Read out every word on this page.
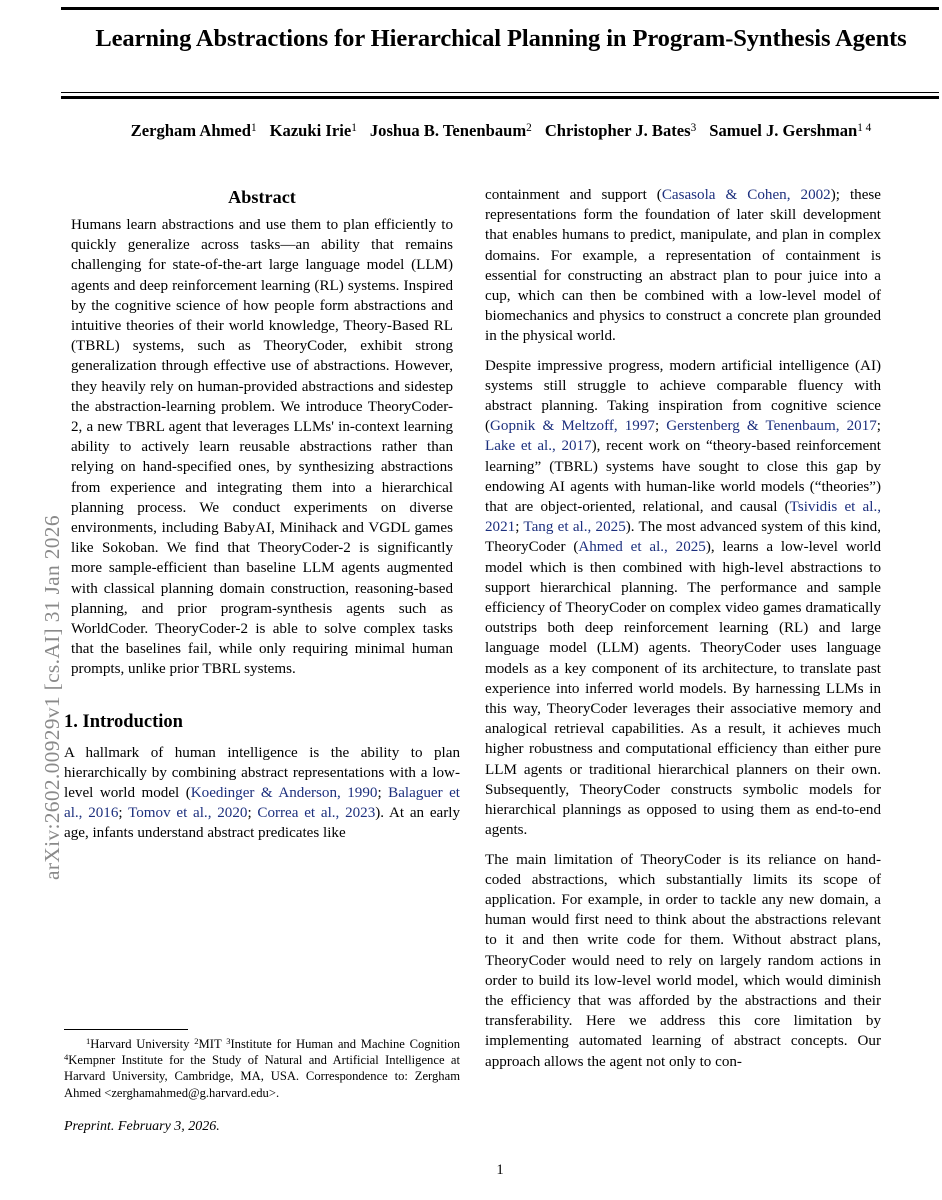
arXiv:2602.00929v1 [cs.AI] 31 Jan 2026
Learning Abstractions for Hierarchical Planning in Program-Synthesis Agents
Zergham Ahmed$^1$ Kazuki Irie$^1$ Joshua B. Tenenbaum$^2$ Christopher J. Bates$^3$ Samuel J. Gershman$^{1 4}$
Abstract

Humans learn abstractions and use them to plan efficiently to quickly generalize across tasks—an ability that remains challenging for state-of-the-art large language model (LLM) agents and deep reinforcement learning (RL) systems. Inspired by the cognitive science of how people form abstractions and intuitive theories of their world knowledge, Theory-Based RL (TBRL) systems, such as TheoryCoder, exhibit strong generalization through effective use of abstractions. However, they heavily rely on human-provided abstractions and sidestep the abstraction-learning problem. We introduce TheoryCoder-2, a new TBRL agent that leverages LLMs' in-context learning ability to actively learn reusable abstractions rather than relying on hand-specified ones, by synthesizing abstractions from experience and integrating them into a hierarchical planning process. We conduct experiments on diverse environments, including BabyAI, Minihack and VGDL games like Sokoban. We find that TheoryCoder-2 is significantly more sample-efficient than baseline LLM agents augmented with classical planning domain construction, reasoning-based planning, and prior program-synthesis agents such as WorldCoder. TheoryCoder-2 is able to solve complex tasks that the baselines fail, while only requiring minimal human prompts, unlike prior TBRL systems.

1. Introduction

A hallmark of human intelligence is the ability to plan hierarchically by combining abstract representations with a low-level world model (Koedinger & Anderson, 1990; Balaguer et al., 2016; Tomov et al., 2020; Correa et al., 2023). At an early age, infants understand abstract predicates like

containment and support (Casasola & Cohen, 2002); these representations form the foundation of later skill development that enables humans to predict, manipulate, and plan in complex domains. For example, a representation of containment is essential for constructing an abstract plan to pour juice into a cup, which can then be combined with a low-level model of biomechanics and physics to construct a concrete plan grounded in the physical world.

Despite impressive progress, modern artificial intelligence (AI) systems still struggle to achieve comparable fluency with abstract planning. Taking inspiration from cognitive science (Gopnik & Meltzoff, 1997; Gerstenberg & Tenenbaum, 2017; Lake et al., 2017), recent work on “theory-based reinforcement learning” (TBRL) systems have sought to close this gap by endowing AI agents with human-like world models (“theories”) that are object-oriented, relational, and causal (Tsividis et al., 2021; Tang et al., 2025). The most advanced system of this kind, TheoryCoder (Ahmed et al., 2025), learns a low-level world model which is then combined with high-level abstractions to support hierarchical planning. The performance and sample efficiency of TheoryCoder on complex video games dramatically outstrips both deep reinforcement learning (RL) and large language model (LLM) agents. TheoryCoder uses language models as a key component of its architecture, to translate past experience into inferred world models. By harnessing LLMs in this way, TheoryCoder leverages their associative memory and analogical retrieval capabilities. As a result, it achieves much higher robustness and computational efficiency than either pure LLM agents or traditional hierarchical planners on their own. Subsequently, TheoryCoder constructs symbolic models for hierarchical plannings as opposed to using them as end-to-end agents.

The main limitation of TheoryCoder is its reliance on hand-coded abstractions, which substantially limits its scope of application. For example, in order to tackle any new domain, a human would first need to think about the abstractions relevant to it and then write code for them. Without abstract plans, TheoryCoder would need to rely on largely random actions in order to build its low-level world model, which would diminish the efficiency that was afforded by the abstractions and their transferability. Here we address this core limitation by implementing automated learning of abstract concepts. Our approach allows the agent not only to con-

$^1$Harvard University $^2$MIT $^3$Institute for Human and Machine Cognition $^4$Kempner Institute for the Study of Natural and Artificial Intelligence at Harvard University, Cambridge, MA, USA. Correspondence to: Zergham Ahmed <zerghamahmed@g.harvard.edu>.

Preprint. February 3, 2026.
1
